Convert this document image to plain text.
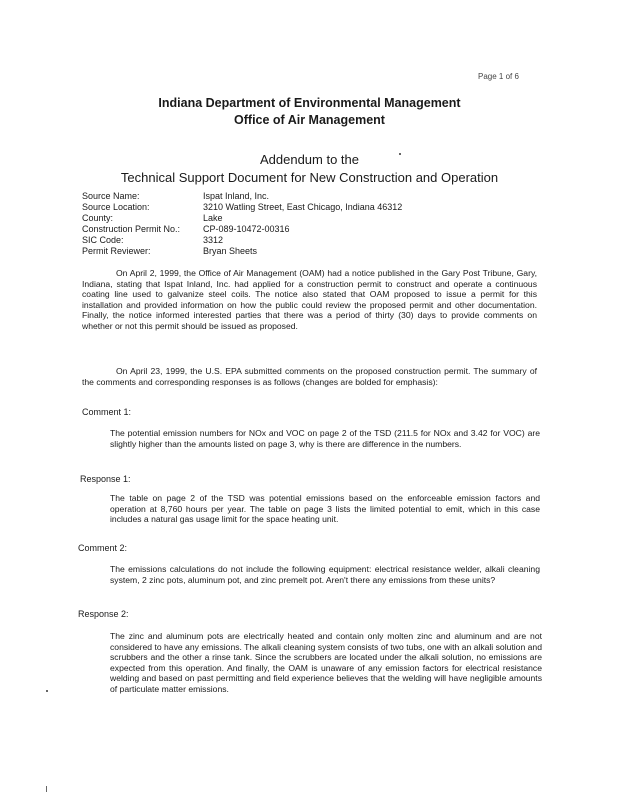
Page 1 of 6
Indiana Department of Environmental Management
Office of Air Management
Addendum to the
Technical Support Document for New Construction and Operation
Source Name:	Ispat Inland, Inc.
Source Location:	3210 Watling Street, East Chicago, Indiana 46312
County:	Lake
Construction Permit No.:	CP-089-10472-00316
SIC Code:	3312
Permit Reviewer:	Bryan Sheets
On April 2, 1999, the Office of Air Management (OAM) had a notice published in the Gary Post Tribune, Gary, Indiana, stating that Ispat Inland, Inc. had applied for a construction permit to construct and operate a continuous coating line used to galvanize steel coils. The notice also stated that OAM proposed to issue a permit for this installation and provided information on how the public could review the proposed permit and other documentation. Finally, the notice informed interested parties that there was a period of thirty (30) days to provide comments on whether or not this permit should be issued as proposed.
On April 23, 1999, the U.S. EPA submitted comments on the proposed construction permit. The summary of the comments and corresponding responses is as follows (changes are bolded for emphasis):
Comment 1:
The potential emission numbers for NOx and VOC on page 2 of the TSD (211.5 for NOx and 3.42 for VOC) are slightly higher than the amounts listed on page 3, why is there are difference in the numbers.
Response 1:
The table on page 2 of the TSD was potential emissions based on the enforceable emission factors and operation at 8,760 hours per year. The table on page 3 lists the limited potential to emit, which in this case includes a natural gas usage limit for the space heating unit.
Comment 2:
The emissions calculations do not include the following equipment: electrical resistance welder, alkali cleaning system, 2 zinc pots, aluminum pot, and zinc premelt pot. Aren't there any emissions from these units?
Response 2:
The zinc and aluminum pots are electrically heated and contain only molten zinc and aluminum and are not considered to have any emissions. The alkali cleaning system consists of two tubs, one with an alkali solution and scrubbers and the other a rinse tank. Since the scrubbers are located under the alkali solution, no emissions are expected from this operation. And finally, the OAM is unaware of any emission factors for electrical resistance welding and based on past permitting and field experience believes that the welding will have negligible amounts of particulate matter emissions.
